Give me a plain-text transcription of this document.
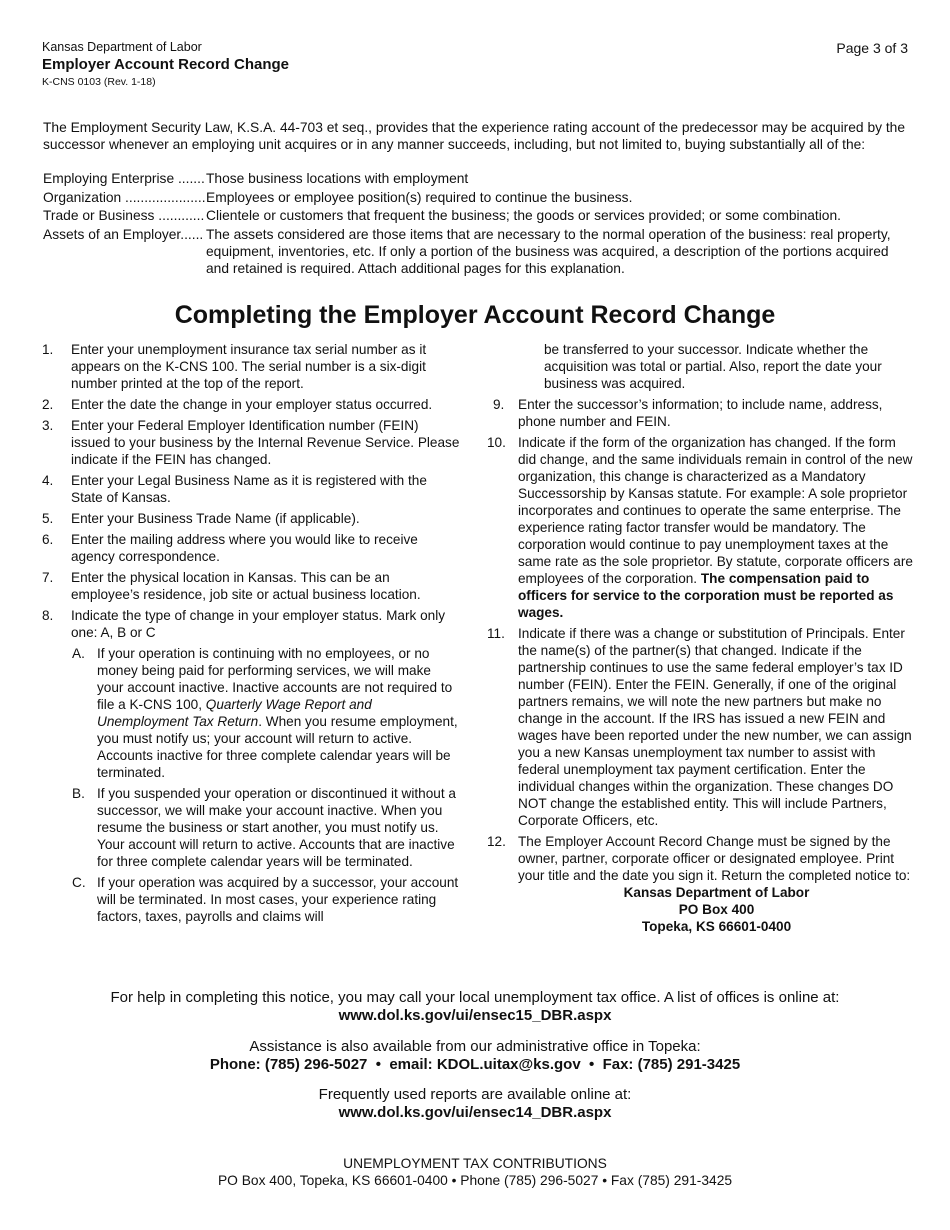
Kansas Department of Labor
Employer Account Record Change
K-CNS 0103 (Rev. 1-18)
Page 3 of 3
The Employment Security Law, K.S.A. 44-703 et seq., provides that the experience rating account of the predecessor may be acquired by the successor whenever an employing unit acquires or in any manner succeeds, including, but not limited to, buying substantially all of the:
Employing Enterprise ....... Those business locations with employment
Organization ..................... Employees or employee position(s) required to continue the business.
Trade or Business ............ Clientele or customers that frequent the business; the goods or services provided; or some combination.
Assets of an Employer...... The assets considered are those items that are necessary to the normal operation of the business: real property, equipment, inventories, etc. If only a portion of the business was acquired, a description of the portions acquired and retained is required. Attach additional pages for this explanation.
Completing the Employer Account Record Change
1.	Enter your unemployment insurance tax serial number as it appears on the K-CNS 100. The serial number is a six-digit number printed at the top of the report.
2.	Enter the date the change in your employer status occurred.
3.	Enter your Federal Employer Identification number (FEIN) issued to your business by the Internal Revenue Service. Please indicate if the FEIN has changed.
4.	Enter your Legal Business Name as it is registered with the State of Kansas.
5.	Enter your Business Trade Name (if applicable).
6.	Enter the mailing address where you would like to receive agency correspondence.
7.	Enter the physical location in Kansas. This can be an employee’s residence, job site or actual business location.
8.	Indicate the type of change in your employer status. Mark only one: A, B or C
A. If your operation is continuing with no employees, or no money being paid for performing services, we will make your account inactive. Inactive accounts are not required to file a K-CNS 100, Quarterly Wage Report and Unemployment Tax Return. When you resume employment, you must notify us; your account will return to active. Accounts inactive for three complete calendar years will be terminated.
B. If you suspended your operation or discontinued it without a successor, we will make your account inactive. When you resume the business or start another, you must notify us. Your account will return to active. Accounts that are inactive for three complete calendar years will be terminated.
C. If your operation was acquired by a successor, your account will be terminated. In most cases, your experience rating factors, taxes, payrolls and claims will
be transferred to your successor. Indicate whether the acquisition was total or partial. Also, report the date your business was acquired.
9.	Enter the successor’s information; to include name, address, phone number and FEIN.
10. Indicate if the form of the organization has changed. If the form did change, and the same individuals remain in control of the new organization, this change is characterized as a Mandatory Successorship by Kansas statute. For example: A sole proprietor incorporates and continues to operate the same enterprise. The experience rating factor transfer would be mandatory. The corporation would continue to pay unemployment taxes at the same rate as the sole proprietor. By statute, corporate officers are employees of the corporation. The compensation paid to officers for service to the corporation must be reported as wages.
11. Indicate if there was a change or substitution of Principals. Enter the name(s) of the partner(s) that changed. Indicate if the partnership continues to use the same federal employer’s tax ID number (FEIN). Enter the FEIN. Generally, if one of the original partners remains, we will note the new partners but make no change in the account. If the IRS has issued a new FEIN and wages have been reported under the new number, we can assign you a new Kansas unemployment tax number to assist with federal unemployment tax payment certification. Enter the individual changes within the organization. These changes DO NOT change the established entity. This will include Partners, Corporate Officers, etc.
12. The Employer Account Record Change must be signed by the owner, partner, corporate officer or designated employee. Print your title and the date you sign it. Return the completed notice to:
Kansas Department of Labor
PO Box 400
Topeka, KS 66601-0400
For help in completing this notice, you may call your local unemployment tax office. A list of offices is online at:
www.dol.ks.gov/ui/ensec15_DBR.aspx
Assistance is also available from our administrative office in Topeka:
Phone: (785) 296-5027  •  email: KDOL.uitax@ks.gov  •  Fax: (785) 291-3425
Frequently used reports are available online at:
www.dol.ks.gov/ui/ensec14_DBR.aspx
UNEMPLOYMENT TAX CONTRIBUTIONS
PO Box 400, Topeka, KS 66601-0400 • Phone (785) 296-5027 • Fax (785) 291-3425
